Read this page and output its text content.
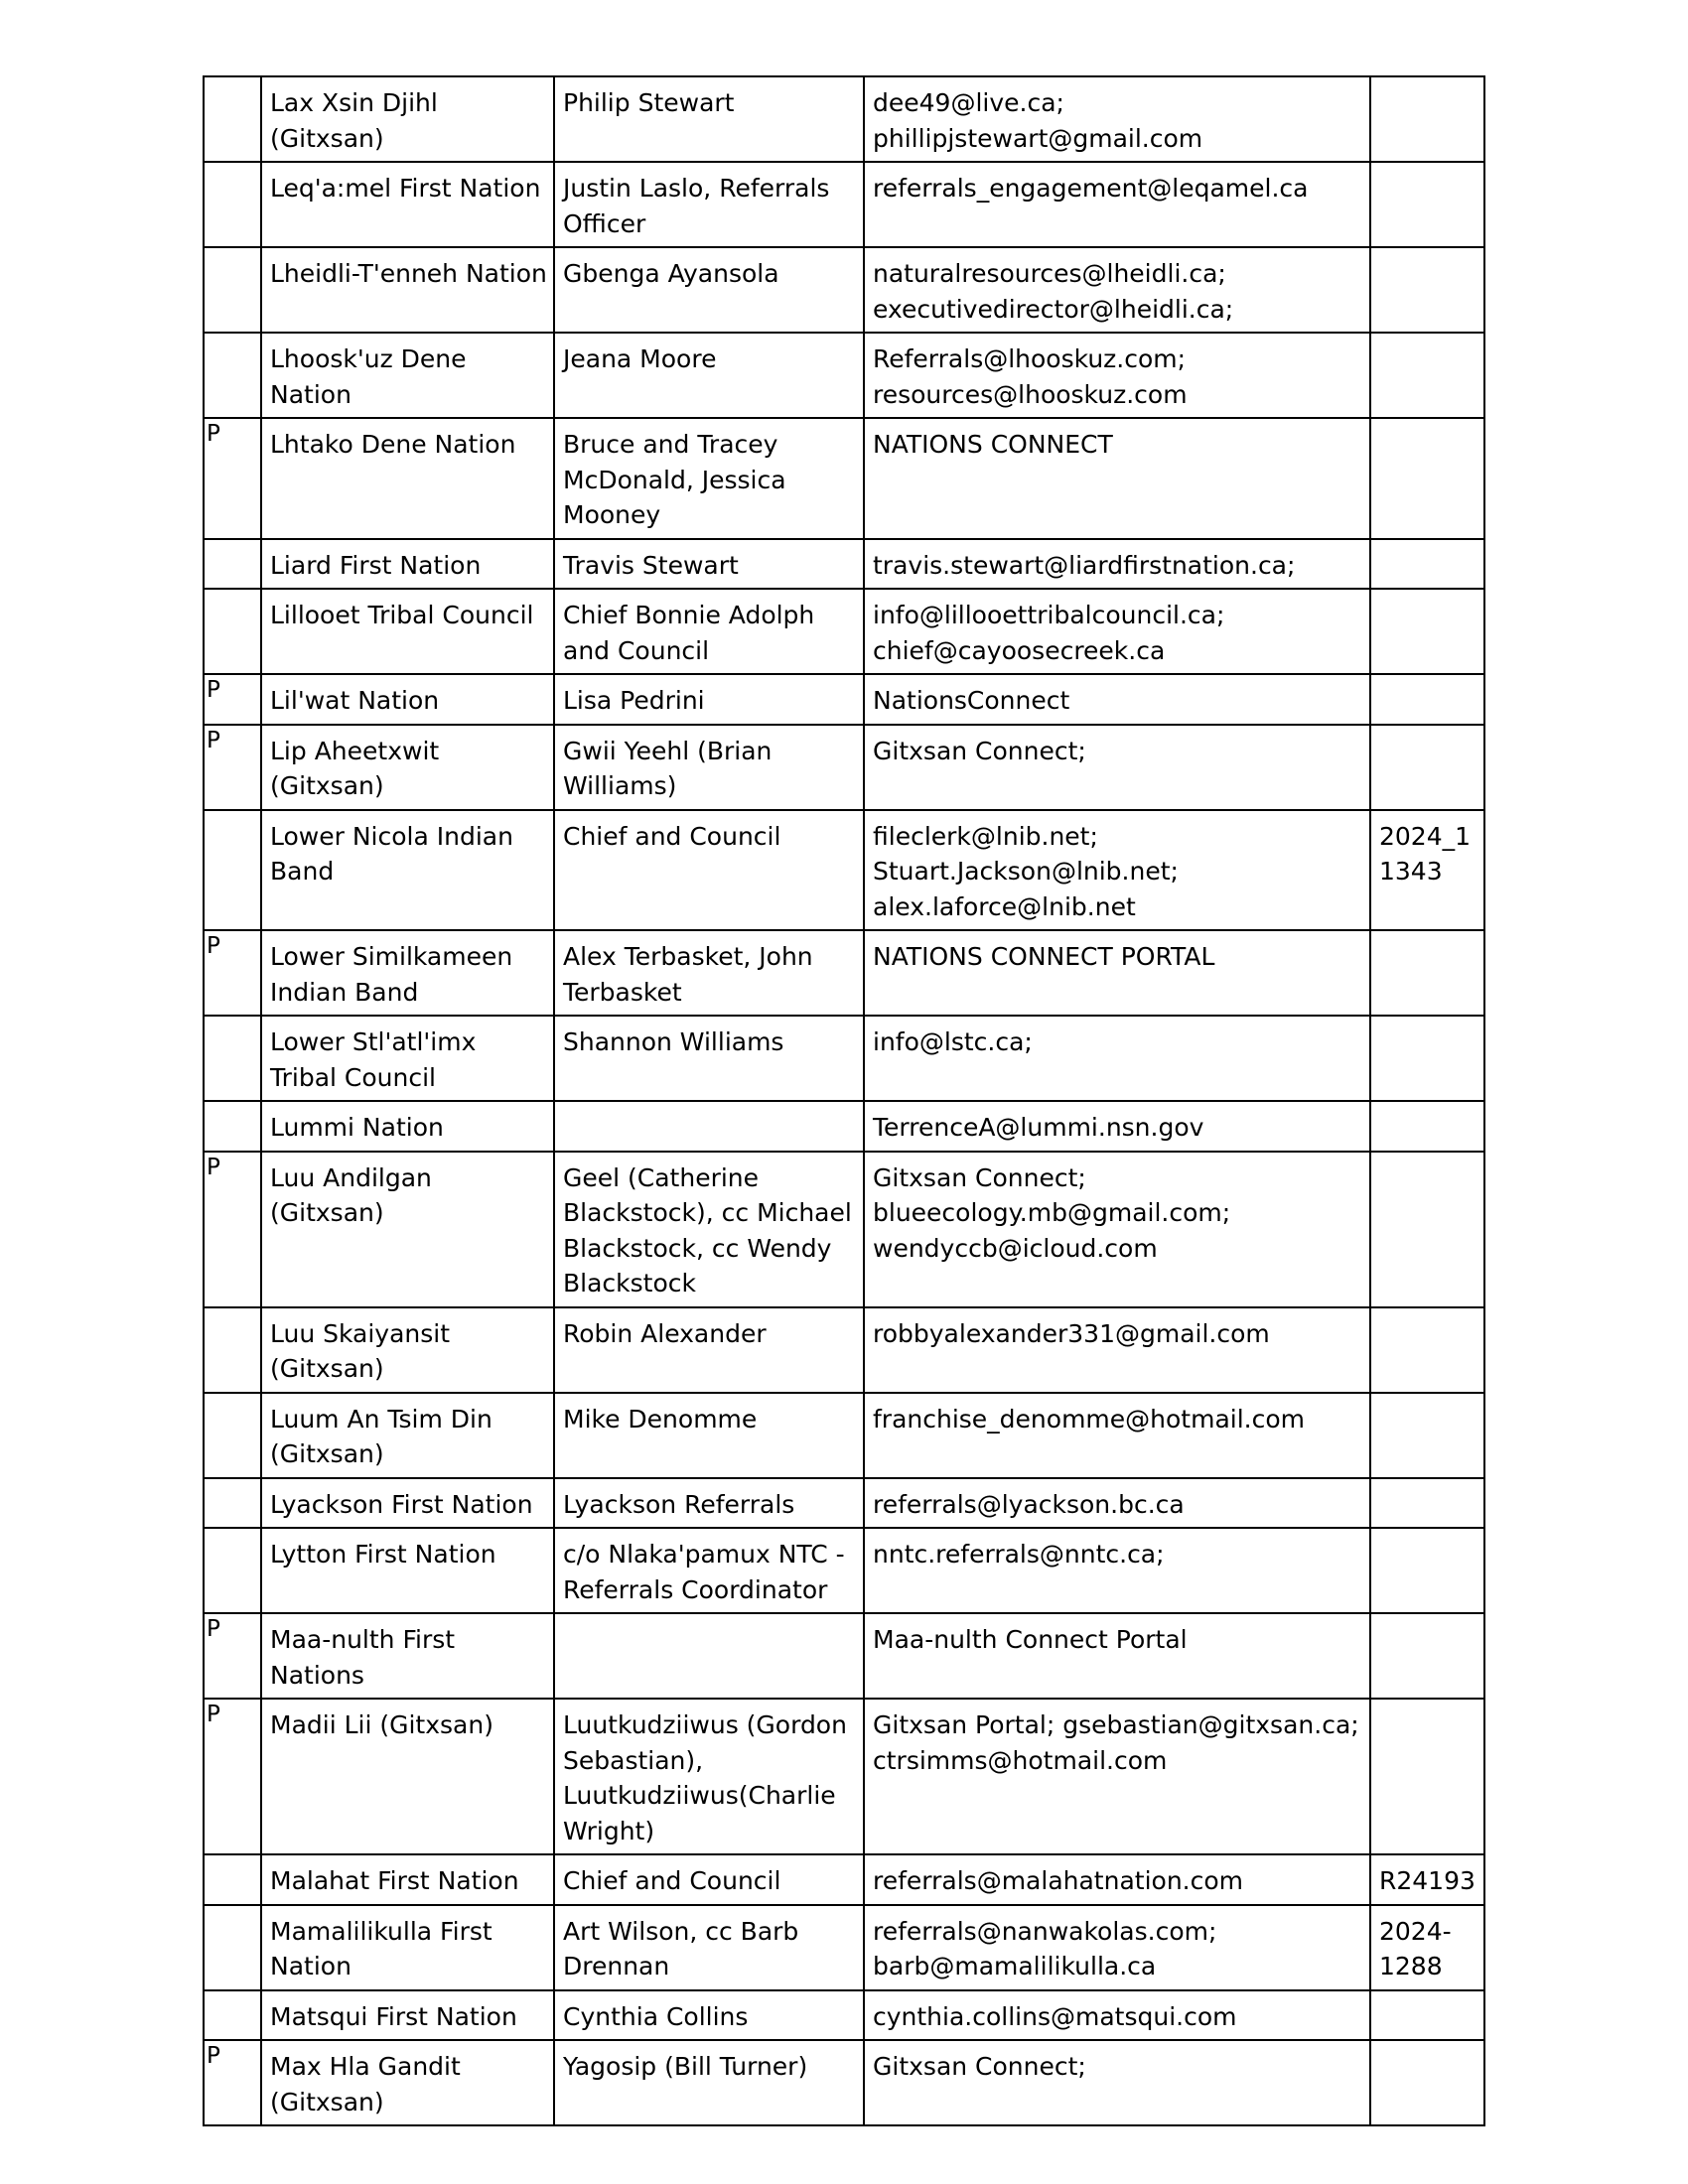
	Lax Xsin Djihl (Gitxsan)	Philip Stewart	dee49@live.ca; phillipjstewart@gmail.com	
	Leq'a:mel First Nation	Justin Laslo, Referrals Officer	referrals_engagement@leqamel.ca	
	Lheidli-T'enneh Nation	Gbenga Ayansola	naturalresources@lheidli.ca; executivedirector@lheidli.ca;	
	Lhoosk'uz Dene Nation	Jeana Moore	Referrals@lhooskuz.com; resources@lhooskuz.com	
P	Lhtako Dene Nation	Bruce and Tracey McDonald, Jessica Mooney	NATIONS CONNECT	
	Liard First Nation	Travis Stewart	travis.stewart@liardfirstnation.ca;	
	Lillooet Tribal Council	Chief Bonnie Adolph and Council	info@lillooettribalcouncil.ca; chief@cayoosecreek.ca	
P	Lil'wat Nation	Lisa Pedrini	NationsConnect	
P	Lip Aheetxwit (Gitxsan)	Gwii Yeehl (Brian Williams)	Gitxsan Connect;	
	Lower Nicola Indian Band	Chief and Council	fileclerk@lnib.net; Stuart.Jackson@lnib.net; alex.laforce@lnib.net	2024_11343
P	Lower Similkameen Indian Band	Alex Terbasket, John Terbasket	NATIONS CONNECT PORTAL	
	Lower Stl'atl'imx Tribal Council	Shannon Williams	info@lstc.ca;	
	Lummi Nation		TerrenceA@lummi.nsn.gov	
P	Luu Andilgan (Gitxsan)	Geel (Catherine Blackstock), cc Michael Blackstock, cc Wendy Blackstock	Gitxsan Connect; blueecology.mb@gmail.com; wendyccb@icloud.com	
	Luu Skaiyansit (Gitxsan)	Robin Alexander	robbyalexander331@gmail.com	
	Luum An Tsim Din (Gitxsan)	Mike Denomme	franchise_denomme@hotmail.com	
	Lyackson First Nation	Lyackson Referrals	referrals@lyackson.bc.ca	
	Lytton First Nation	c/o Nlaka'pamux NTC - Referrals Coordinator	nntc.referrals@nntc.ca;	
P	Maa-nulth First Nations		Maa-nulth Connect Portal	
P	Madii Lii (Gitxsan)	Luutkudziiwus (Gordon Sebastian), Luutkudziiwus(Charlie Wright)	Gitxsan Portal; gsebastian@gitxsan.ca; ctrsimms@hotmail.com	
	Malahat First Nation	Chief and Council	referrals@malahatnation.com	R24193
	Mamalilikulla First Nation	Art Wilson, cc Barb Drennan	referrals@nanwakolas.com; barb@mamalilikulla.ca	2024-1288
	Matsqui First Nation	Cynthia Collins	cynthia.collins@matsqui.com	
P	Max Hla Gandit (Gitxsan)	Yagosip (Bill Turner)	Gitxsan Connect;	
